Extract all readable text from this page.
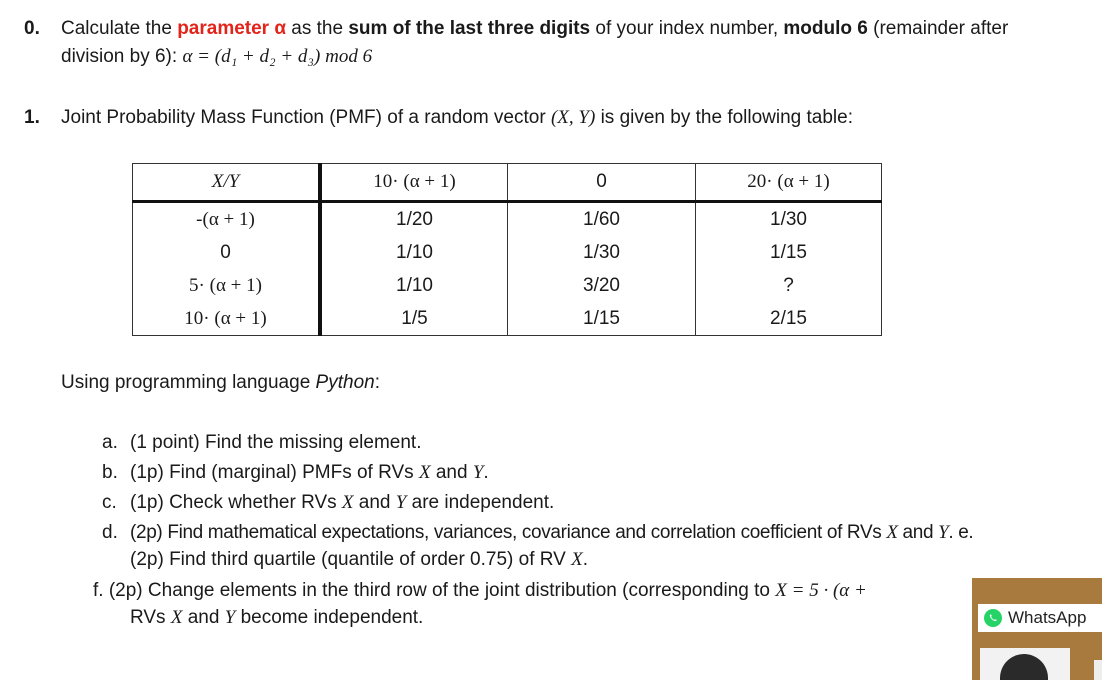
0. Calculate the parameter α as the sum of the last three digits of your index number, modulo 6 (remainder after
division by 6): α = (d₁ + d₂ + d₃) mod 6
1. Joint Probability Mass Function (PMF) of a random vector (X, Y) is given by the following table:
X/Y	10· (α + 1)	0	20· (α + 1)
-(α + 1)	1/20	1/60	1/30
0	1/10	1/30	1/15
5· (α + 1)	1/10	3/20	?
10· (α + 1)	1/5	1/15	2/15
Using programming language Python:
a. (1 point) Find the missing element.
b. (1p) Find (marginal) PMFs of RVs X and Y.
c. (1p) Check whether RVs X and Y are independent.
d. (2p) Find mathematical expectations, variances, covariance and correlation coefficient of RVs X and Y. e.
(2p) Find third quartile (quantile of order 0.75) of RV X.
f. (2p) Change elements in the third row of the joint distribution (corresponding to X = 5 · (α +
RVs X and Y become independent.	WhatsApp
